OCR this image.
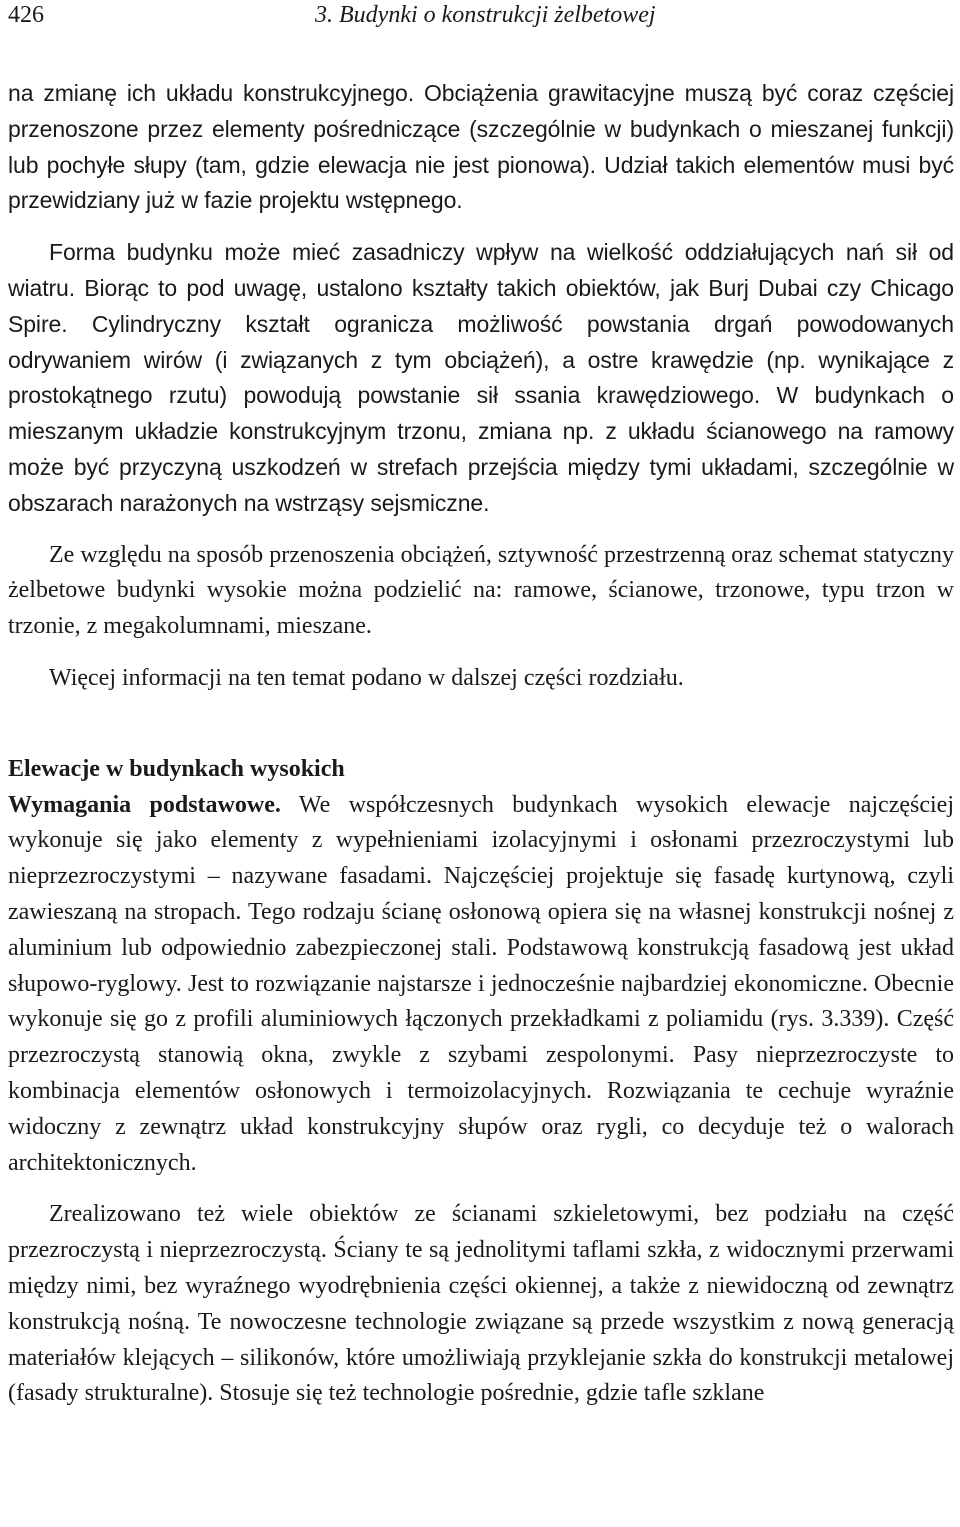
426	3. Budynki o konstrukcji żelbetowej

na zmianę ich układu konstrukcyjnego. Obciążenia grawitacyjne muszą być coraz częściej przenoszone przez elementy pośredniczące (szczególnie w budynkach o mieszanej funkcji) lub pochyłe słupy (tam, gdzie elewacja nie jest pionowa). Udział takich elementów musi być przewidziany już w fazie projektu wstępnego.

Forma budynku może mieć zasadniczy wpływ na wielkość oddziałujących nań sił od wiatru. Biorąc to pod uwagę, ustalono kształty takich obiektów, jak Burj Dubai czy Chicago Spire. Cylindryczny kształt ogranicza możliwość powstania drgań powodowanych odrywaniem wirów (i związanych z tym obciążeń), a ostre krawędzie (np. wynikające z prostokątnego rzutu) powodują powstanie sił ssania krawędziowego. W budynkach o mieszanym układzie konstrukcyjnym trzonu, zmiana np. z układu ścianowego na ramowy może być przyczyną uszkodzeń w strefach przejścia między tymi układami, szczególnie w obszarach narażonych na wstrząsy sejsmiczne.

Ze względu na sposób przenoszenia obciążeń, sztywność przestrzenną oraz schemat statyczny żelbetowe budynki wysokie można podzielić na: ramowe, ścianowe, trzonowe, typu trzon w trzonie, z megakolumnami, mieszane.

Więcej informacji na ten temat podano w dalszej części rozdziału.

Elewacje w budynkach wysokich

Wymagania podstawowe. We współczesnych budynkach wysokich elewacje najczęściej wykonuje się jako elementy z wypełnieniami izolacyjnymi i osłonami przezroczystymi lub nieprzezroczystymi – nazywane fasadami. Najczęściej projektuje się fasadę kurtynową, czyli zawieszaną na stropach. Tego rodzaju ścianę osłonową opiera się na własnej konstrukcji nośnej z aluminium lub odpowiednio zabezpieczonej stali. Podstawową konstrukcją fasadową jest układ słupowo-ryglowy. Jest to rozwiązanie najstarsze i jednocześnie najbardziej ekonomiczne. Obecnie wykonuje się go z profili aluminiowych łączonych przekładkami z poliamidu (rys. 3.339). Część przezroczystą stanowią okna, zwykle z szybami zespolonymi. Pasy nieprzezroczyste to kombinacja elementów osłonowych i termoizolacyjnych. Rozwiązania te cechuje wyraźnie widoczny z zewnątrz układ konstrukcyjny słupów oraz rygli, co decyduje też o walorach architektonicznych.

Zrealizowano też wiele obiektów ze ścianami szkieletowymi, bez podziału na część przezroczystą i nieprzezroczystą. Ściany te są jednolitymi taflami szkła, z widocznymi przerwami między nimi, bez wyraźnego wyodrębnienia części okiennej, a także z niewidoczną od zewnątrz konstrukcją nośną. Te nowoczesne technologie związane są przede wszystkim z nową generacją materiałów klejących – silikonów, które umożliwiają przyklejanie szkła do konstrukcji metalowej (fasady strukturalne). Stosuje się też technologie pośrednie, gdzie tafle szklane
